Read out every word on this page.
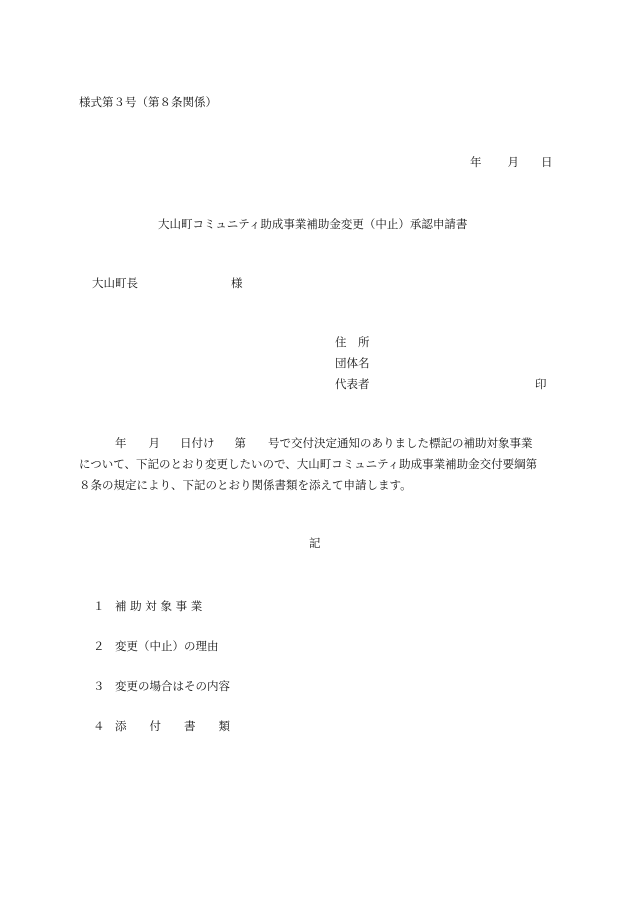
様式第３号（第８条関係）
年 月 日
大山町コミュニティ助成事業補助金変更（中止）承認申請書
大山町長	様
住　所
団体名
代表者	印
年 月 日付け 第 号で交付決定通知のありました標記の補助対象事業
について、下記のとおり変更したいので、大山町コミュニティ助成事業補助金交付要綱第
８条の規定により、下記のとおり関係書類を添えて申請します。
記
１ 補 助 対 象 事 業
２ 変更（中止）の理由
３ 変更の場合はその内容
４ 添　　付　　書　　類
